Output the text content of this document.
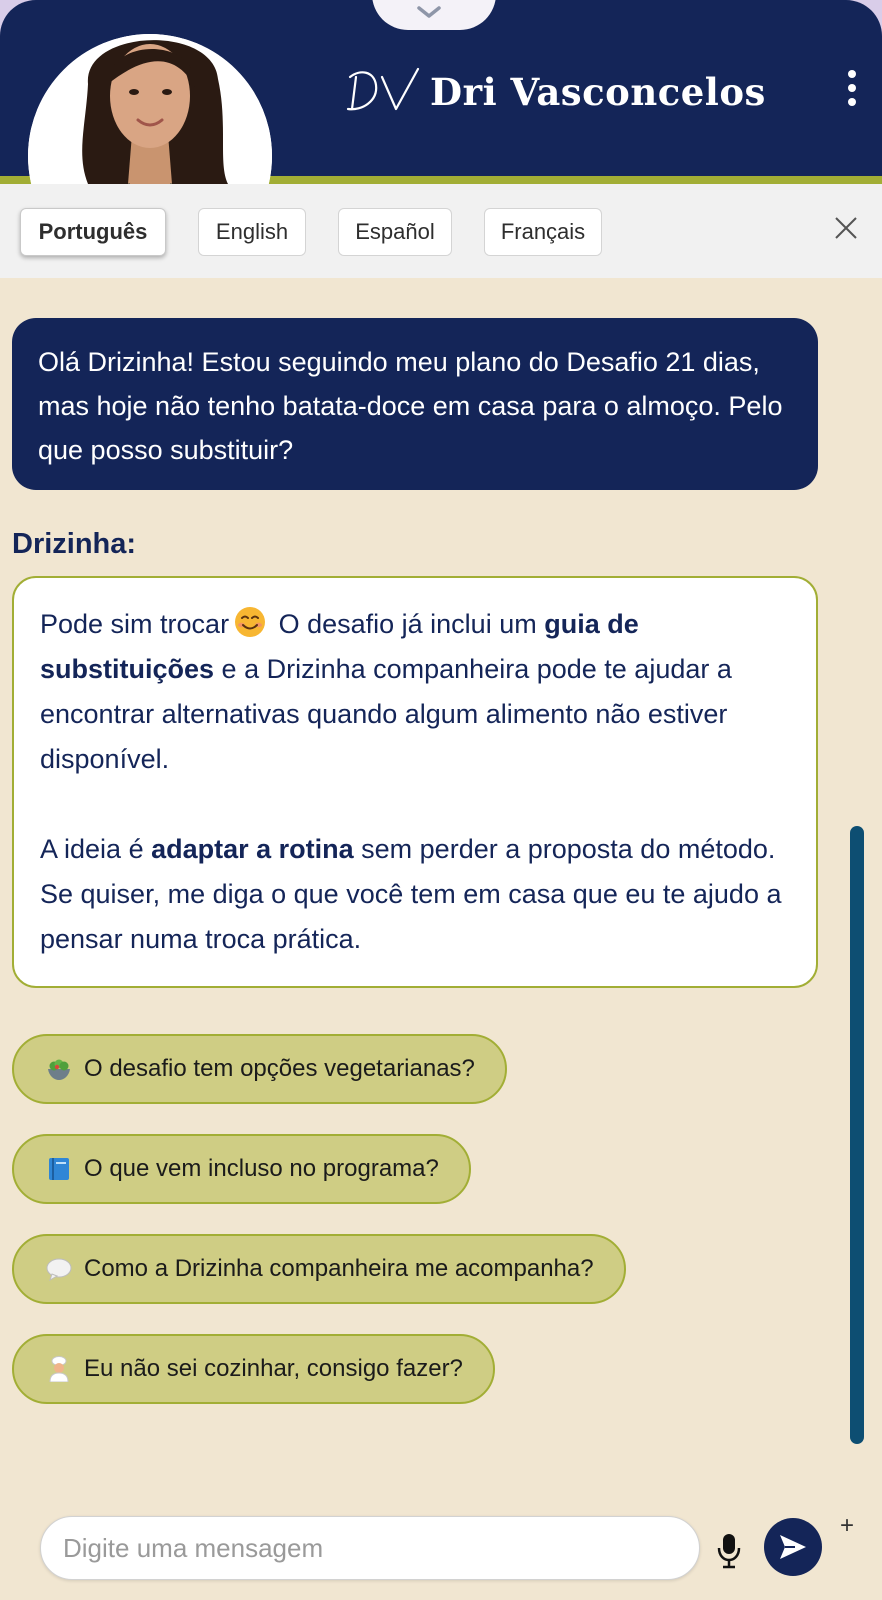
Dri Vasconcelos
Português	English	Español	Français
Olá Drizinha! Estou seguindo meu plano do Desafio 21 dias, mas hoje não tenho batata-doce em casa para o almoço. Pelo que posso substituir?
Drizinha:

Pode sim trocar O desafio já inclui um guia de substituições e a Drizinha companheira pode te ajudar a encontrar alternativas quando algum alimento não estiver disponível.

A ideia é adaptar a rotina sem perder a proposta do método. Se quiser, me diga o que você tem em casa que eu te ajudo a pensar numa troca prática.

O desafio tem opções vegetarianas?
O que vem incluso no programa?
Como a Drizinha companheira me acompanha?
Eu não sei cozinhar, consigo fazer?
Digite uma mensagem
+
